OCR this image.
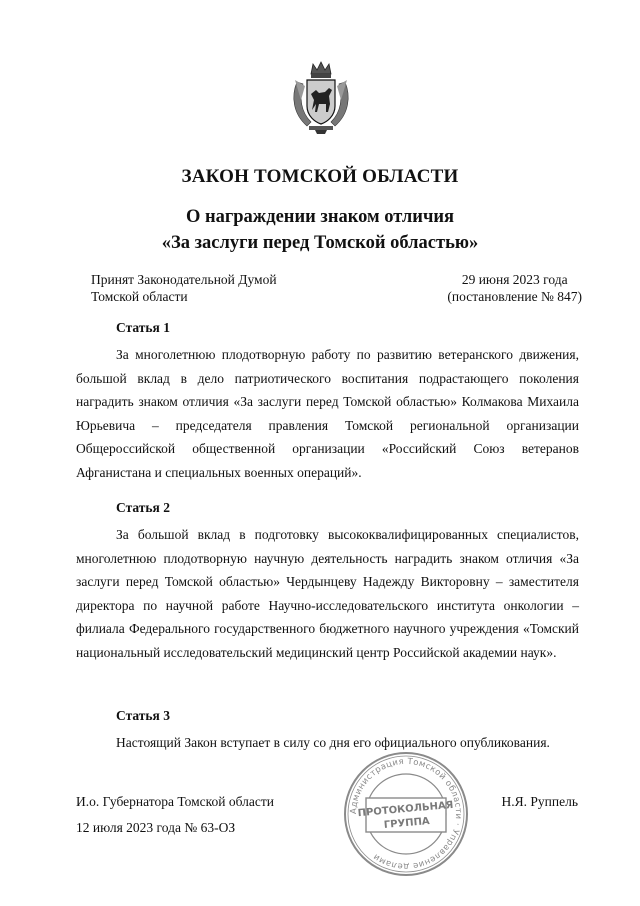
ЗАКОН ТОМСКОЙ ОБЛАСТИ
О награждении знаком отличия
«За заслуги перед Томской областью»
Принят Законодательной Думой
Томской области
29 июня 2023 года
(постановление № 847)
Статья 1

За многолетнюю плодотворную работу по развитию ветеранского движения, большой вклад в дело патриотического воспитания подрастающего поколения наградить знаком отличия «За заслуги перед Томской областью» Колмакова Михаила Юрьевича – председателя правления Томской региональной организации Общероссийской общественной организации «Российский Союз ветеранов Афганистана и специальных военных операций».

Статья 2

За большой вклад в подготовку высококвалифицированных специалистов, многолетнюю плодотворную научную деятельность наградить знаком отличия «За заслуги перед Томской областью» Чердынцеву Надежду Викторовну – заместителя директора по научной работе Научно-исследовательского института онкологии – филиала Федерального государственного бюджетного научного учреждения «Томский национальный исследовательский медицинский центр Российской академии наук».

Статья 3

Настоящий Закон вступает в силу со дня его официального опубликования.

И.о. Губернатора Томской области	Н.Я. Руппель
12 июля 2023 года № 63-ОЗ
Администрация Томской области · Управление делами
ПРОТОКОЛЬНАЯ
ГРУППА
